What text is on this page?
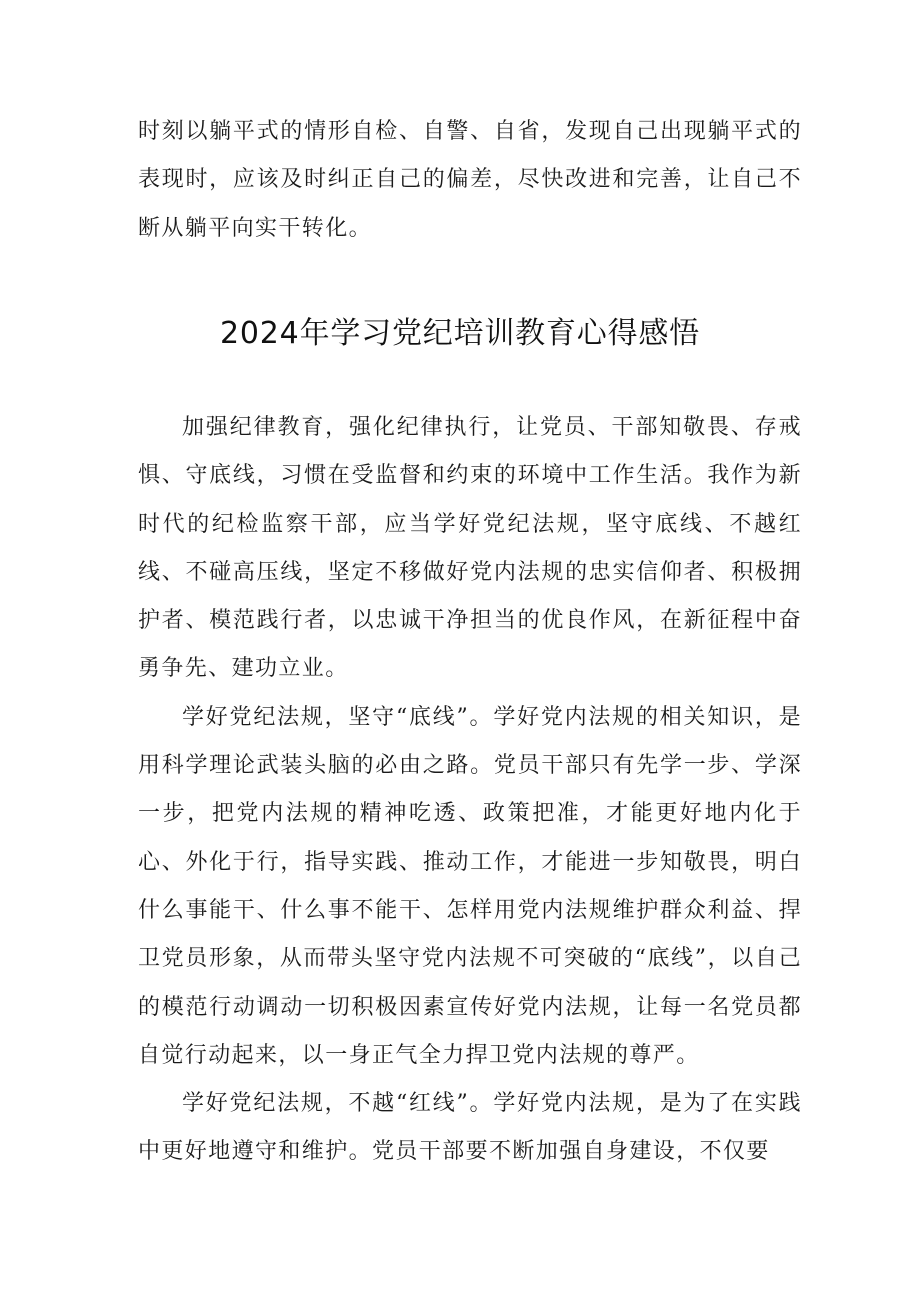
时刻以躺平式的情形自检、自警、自省，发现自己出现躺平式的表现时，应该及时纠正自己的偏差，尽快改进和完善，让自己不断从躺平向实干转化。
2024年学习党纪培训教育心得感悟

加强纪律教育，强化纪律执行，让党员、干部知敬畏、存戒惧、守底线，习惯在受监督和约束的环境中工作生活。我作为新时代的纪检监察干部，应当学好党纪法规，坚守底线、不越红线、不碰高压线，坚定不移做好党内法规的忠实信仰者、积极拥护者、模范践行者，以忠诚干净担当的优良作风，在新征程中奋勇争先、建功立业。

学好党纪法规，坚守“底线”。学好党内法规的相关知识，是用科学理论武装头脑的必由之路。党员干部只有先学一步、学深一步，把党内法规的精神吃透、政策把准，才能更好地内化于心、外化于行，指导实践、推动工作，才能进一步知敬畏，明白什么事能干、什么事不能干、怎样用党内法规维护群众利益、捍卫党员形象，从而带头坚守党内法规不可突破的“底线”，以自己的模范行动调动一切积极因素宣传好党内法规，让每一名党员都自觉行动起来，以一身正气全力捍卫党内法规的尊严。

学好党纪法规，不越“红线”。学好党内法规，是为了在实践中更好地遵守和维护。党员干部要不断加强自身建设，不仅要
